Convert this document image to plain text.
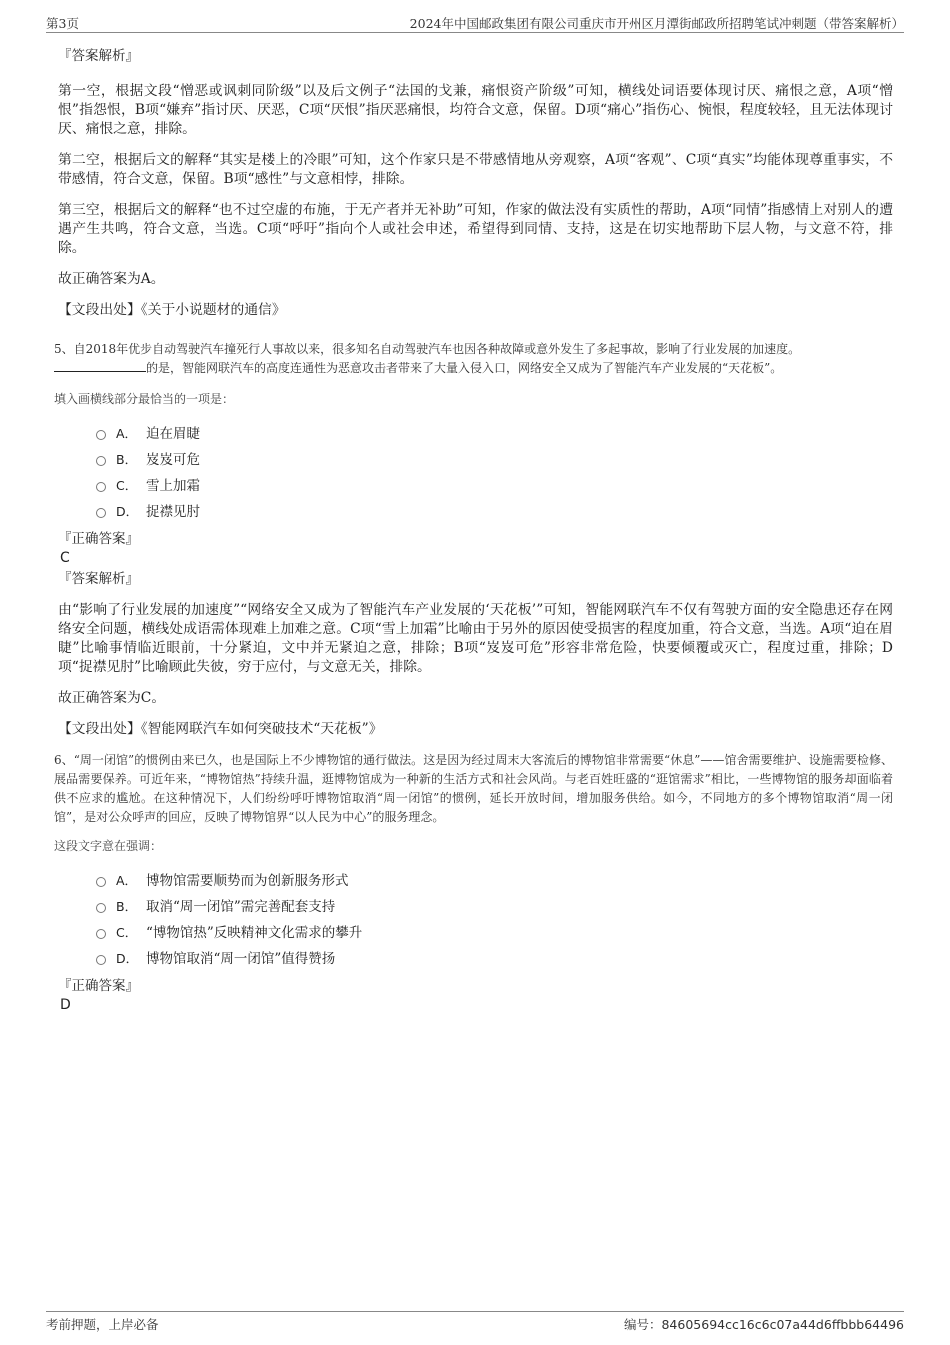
第3页	2024年中国邮政集团有限公司重庆市开州区月潭街邮政所招聘笔试冲刺题（带答案解析）

『答案解析』

第一空，根据文段“憎恶或讽刺同阶级”以及后文例子“法国的戈兼，痛恨资产阶级”可知，横线处词语要体现讨厌、痛恨之意，A项“憎恨”指怨恨，B项“嫌弃”指讨厌、厌恶，C项“厌恨”指厌恶痛恨，均符合文意，保留。D项“痛心”指伤心、惋恨，程度较轻，且无法体现讨厌、痛恨之意，排除。

第二空，根据后文的解释“其实是楼上的冷眼”可知，这个作家只是不带感情地从旁观察，A项“客观”、C项“真实”均能体现尊重事实，不带感情，符合文意，保留。B项“感性”与文意相悖，排除。

第三空，根据后文的解释“也不过空虚的布施，于无产者并无补助”可知，作家的做法没有实质性的帮助，A项“同情”指感情上对别人的遭遇产生共鸣，符合文意，当选。C项“呼吁”指向个人或社会申述，希望得到同情、支持，这是在切实地帮助下层人物，与文意不符，排除。

故正确答案为A。

【文段出处】《关于小说题材的通信》

5、自2018年优步自动驾驶汽车撞死行人事故以来，很多知名自动驾驶汽车也因各种故障或意外发生了多起事故，影响了行业发展的加速度。
的是，智能网联汽车的高度连通性为恶意攻击者带来了大量入侵入口，网络安全又成为了智能汽车产业发展的“天花板”。

填入画横线部分最恰当的一项是：

A． 迫在眉睫
B． 岌岌可危
C． 雪上加霜
D． 捉襟见肘

『正确答案』

C

『答案解析』

由“影响了行业发展的加速度”“网络安全又成为了智能汽车产业发展的‘天花板’”可知，智能网联汽车不仅有驾驶方面的安全隐患还存在网络安全问题，横线处成语需体现难上加难之意。C项“雪上加霜”比喻由于另外的原因使受损害的程度加重，符合文意，当选。A项“迫在眉睫”比喻事情临近眼前，十分紧迫，文中并无紧迫之意，排除；B项“岌岌可危”形容非常危险，快要倾覆或灭亡，程度过重，排除；D项“捉襟见肘”比喻顾此失彼，穷于应付，与文意无关，排除。

故正确答案为C。

【文段出处】《智能网联汽车如何突破技术“天花板”》

6、“周一闭馆”的惯例由来已久，也是国际上不少博物馆的通行做法。这是因为经过周末大客流后的博物馆非常需要“休息”——馆舍需要维护、设施需要检修、展品需要保养。可近年来，“博物馆热”持续升温，逛博物馆成为一种新的生活方式和社会风尚。与老百姓旺盛的“逛馆需求”相比，一些博物馆的服务却面临着供不应求的尴尬。在这种情况下，人们纷纷呼吁博物馆取消“周一闭馆”的惯例，延长开放时间，增加服务供给。如今，不同地方的多个博物馆取消“周一闭馆”，是对公众呼声的回应，反映了博物馆界“以人民为中心”的服务理念。

这段文字意在强调：

A． 博物馆需要顺势而为创新服务形式
B． 取消“周一闭馆”需完善配套支持
C． “博物馆热”反映精神文化需求的攀升
D． 博物馆取消“周一闭馆”值得赞扬

『正确答案』

D

考前押题，上岸必备	编号：84605694cc16c6c07a44d6ffbbb64496
